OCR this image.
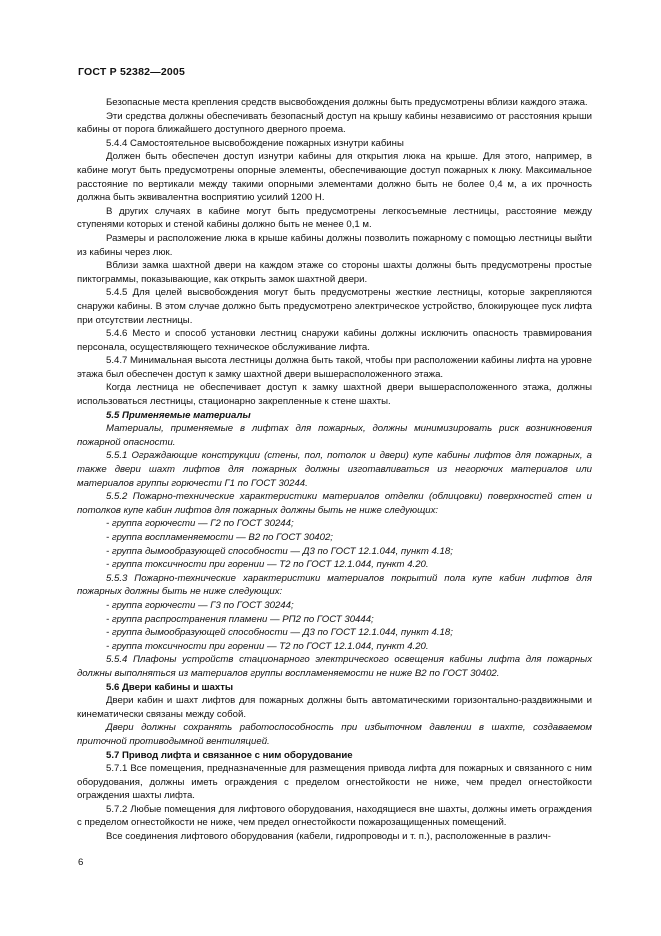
ГОСТ Р 52382—2005

Безопасные места крепления средств высвобождения должны быть предусмотрены вблизи каждого этажа.

Эти средства должны обеспечивать безопасный доступ на крышу кабины независимо от расстояния крыши кабины от порога ближайшего доступного дверного проема.

5.4.4 Самостоятельное высвобождение пожарных изнутри кабины

Должен быть обеспечен доступ изнутри кабины для открытия люка на крыше. Для этого, например, в кабине могут быть предусмотрены опорные элементы, обеспечивающие доступ пожарных к люку. Максимальное расстояние по вертикали между такими опорными элементами должно быть не более 0,4 м, а их прочность должна быть эквивалентна восприятию усилий 1200 Н.

В других случаях в кабине могут быть предусмотрены легкосъемные лестницы, расстояние между ступенями которых и стеной кабины должно быть не менее 0,1 м.

Размеры и расположение люка в крыше кабины должны позволить пожарному с помощью лестницы выйти из кабины через люк.

Вблизи замка шахтной двери на каждом этаже со стороны шахты должны быть предусмотрены простые пиктограммы, показывающие, как открыть замок шахтной двери.

5.4.5 Для целей высвобождения могут быть предусмотрены жесткие лестницы, которые закрепляются снаружи кабины. В этом случае должно быть предусмотрено электрическое устройство, блокирующее пуск лифта при отсутствии лестницы.

5.4.6 Место и способ установки лестниц снаружи кабины должны исключить опасность травмирования персонала, осуществляющего техническое обслуживание лифта.

5.4.7 Минимальная высота лестницы должна быть такой, чтобы при расположении кабины лифта на уровне этажа был обеспечен доступ к замку шахтной двери вышерасположенного этажа.

Когда лестница не обеспечивает доступ к замку шахтной двери вышерасположенного этажа, должны использоваться лестницы, стационарно закрепленные к стене шахты.

5.5 Применяемые материалы

Материалы, применяемые в лифтах для пожарных, должны минимизировать риск возникновения пожарной опасности.

5.5.1 Ограждающие конструкции (стены, пол, потолок и двери) купе кабины лифтов для пожарных, а также двери шахт лифтов для пожарных должны изготавливаться из негорючих материалов или материалов группы горючести Г1 по ГОСТ 30244.

5.5.2 Пожарно-технические характеристики материалов отделки (облицовки) поверхностей стен и потолков купе кабин лифтов для пожарных должны быть не ниже следующих:

- группа горючести — Г2 по ГОСТ 30244;

- группа воспламеняемости — В2 по ГОСТ 30402;

- группа дымообразующей способности — Д3 по ГОСТ 12.1.044, пункт 4.18;

- группа токсичности при горении — Т2 по ГОСТ 12.1.044, пункт 4.20.

5.5.3 Пожарно-технические характеристики материалов покрытий пола купе кабин лифтов для пожарных должны быть не ниже следующих:

- группа горючести — Г3 по ГОСТ 30244;

- группа распространения пламени — РП2 по ГОСТ 30444;

- группа дымообразующей способности — Д3 по ГОСТ 12.1.044, пункт 4.18;

- группа токсичности при горении — Т2 по ГОСТ 12.1.044, пункт 4.20.

5.5.4 Плафоны устройств стационарного электрического освещения кабины лифта для пожарных должны выполняться из материалов группы воспламеняемости не ниже В2 по ГОСТ 30402.

5.6 Двери кабины и шахты

Двери кабин и шахт лифтов для пожарных должны быть автоматическими горизонтально-раздвижными и кинематически связаны между собой.

Двери должны сохранять работоспособность при избыточном давлении в шахте, создаваемом приточной противодымной вентиляцией.

5.7 Привод лифта и связанное с ним оборудование

5.7.1 Все помещения, предназначенные для размещения привода лифта для пожарных и связанного с ним оборудования, должны иметь ограждения с пределом огнестойкости не ниже, чем предел огнестойкости ограждения шахты лифта.

5.7.2 Любые помещения для лифтового оборудования, находящиеся вне шахты, должны иметь ограждения с пределом огнестойкости не ниже, чем предел огнестойкости пожарозащищенных помещений.

Все соединения лифтового оборудования (кабели, гидропроводы и т. п.), расположенные в различ-

6
